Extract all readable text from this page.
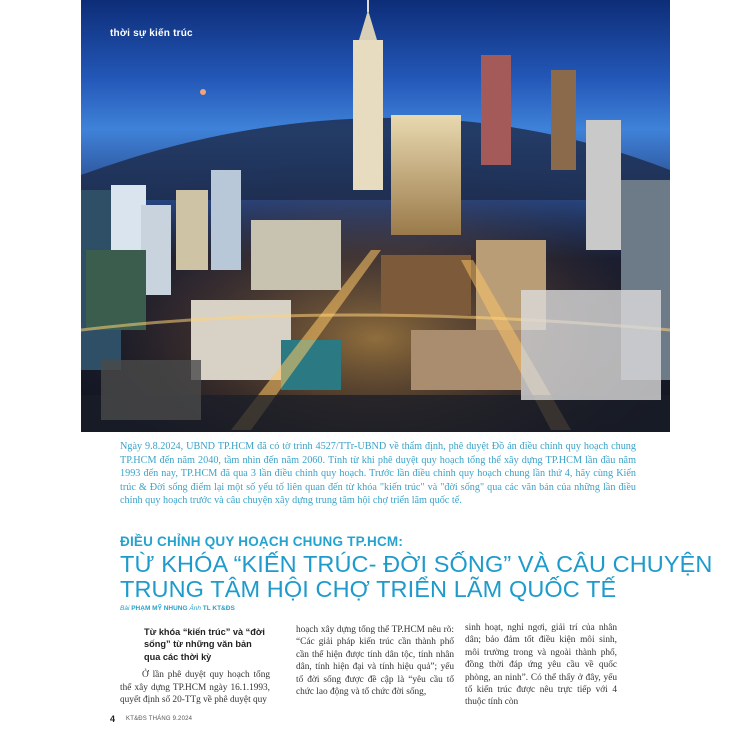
thời sự kiến trúc

Ngày 9.8.2024, UBND TP.HCM đã có tờ trình 4527/TTr-UBND về thẩm định, phê duyệt Đồ án điều chỉnh quy hoạch chung TP.HCM đến năm 2040, tầm nhìn đến năm 2060. Tính từ khi phê duyệt quy hoạch tổng thể xây dựng TP.HCM lần đầu năm 1993 đến nay, TP.HCM đã qua 3 lần điều chỉnh quy hoạch. Trước lần điều chỉnh quy hoạch chung lần thứ 4, hãy cùng Kiến trúc & Đời sống điểm lại một số yếu tố liên quan đến từ khóa "kiến trúc" và "đời sống" qua các văn bản của những lần điều chỉnh quy hoạch trước và câu chuyện xây dựng trung tâm hội chợ triển lãm quốc tế.

ĐIỀU CHỈNH QUY HOẠCH CHUNG TP.HCM:
TỪ KHÓA “KIẾN TRÚC- ĐỜI SỐNG” VÀ CÂU CHUYỆN
TRUNG TÂM HỘI CHỢ TRIỂN LÃM QUỐC TẾ
Bài PHẠM MỸ NHUNG Ảnh TL KT&ĐS

Từ khóa “kiến trúc” và “đời sống” từ những văn bản qua các thời kỳ

Ở lần phê duyệt quy hoạch tổng thể xây dựng TP.HCM ngày 16.1.1993, quyết định số 20-TTg về phê duyệt quy

hoạch xây dựng tổng thể TP.HCM nêu rõ: “Các giải pháp kiến trúc cần thành phố cần thể hiện được tính dân tộc, tính nhân dân, tính hiện đại và tính hiệu quả”; yếu tố đời sống được đề cập là “yêu cầu tổ chức lao động và tổ chức đời sống,

sinh hoạt, nghỉ ngơi, giải trí của nhân dân; bảo đảm tốt điều kiện môi sinh, môi trường trong và ngoài thành phố, đồng thời đáp ứng yêu cầu về quốc phòng, an ninh”. Có thể thấy ở đây, yếu tố kiến trúc được nêu trực tiếp với 4 thuộc tính còn

4 KT&ĐS THÁNG 9.2024
